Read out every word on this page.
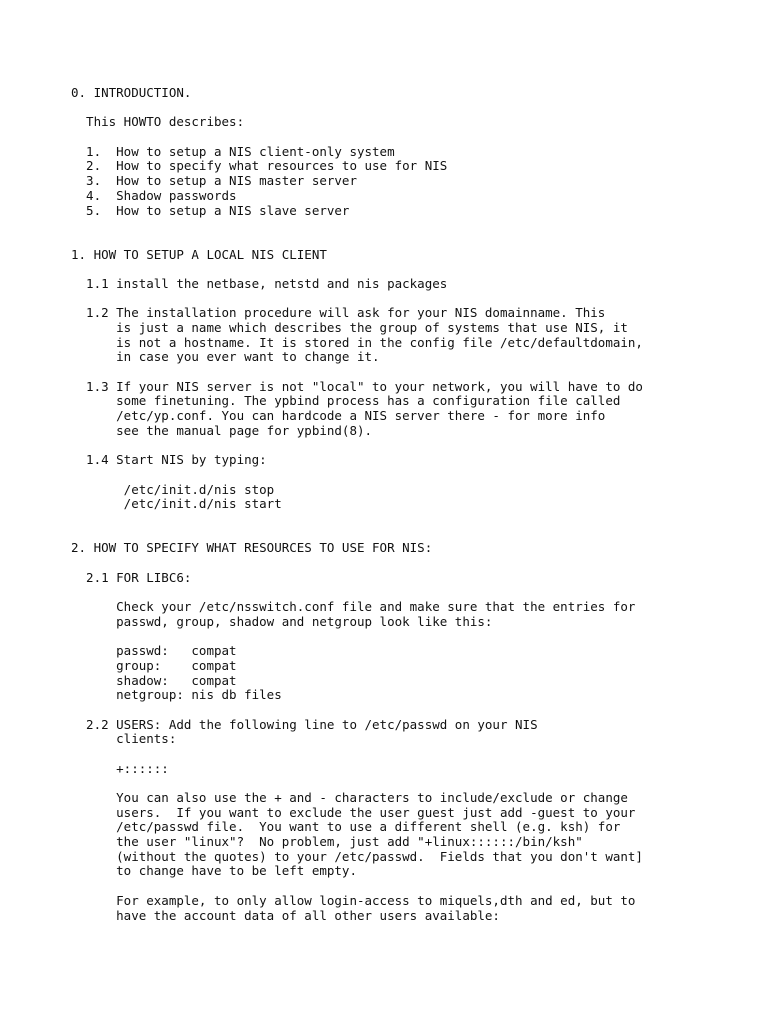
0. INTRODUCTION.
This HOWTO describes:
1.  How to setup a NIS client-only system
2.  How to specify what resources to use for NIS
3.  How to setup a NIS master server
4.  Shadow passwords
5.  How to setup a NIS slave server
1. HOW TO SETUP A LOCAL NIS CLIENT
1.1 install the netbase, netstd and nis packages
1.2 The installation procedure will ask for your NIS domainname. This
is just a name which describes the group of systems that use NIS, it
is not a hostname. It is stored in the config file /etc/defaultdomain,
in case you ever want to change it.
1.3 If your NIS server is not "local" to your network, you will have to do
some finetuning. The ypbind process has a configuration file called
/etc/yp.conf. You can hardcode a NIS server there - for more info
see the manual page for ypbind(8).
1.4 Start NIS by typing:
/etc/init.d/nis stop
/etc/init.d/nis start
2. HOW TO SPECIFY WHAT RESOURCES TO USE FOR NIS:
2.1 FOR LIBC6:
Check your /etc/nsswitch.conf file and make sure that the entries for
passwd, group, shadow and netgroup look like this:
passwd:   compat
group:    compat
shadow:   compat
netgroup: nis db files
2.2 USERS: Add the following line to /etc/passwd on your NIS
clients:
+::::::
You can also use the + and - characters to include/exclude or change
users.  If you want to exclude the user guest just add -guest to your
/etc/passwd file.  You want to use a different shell (e.g. ksh) for
the user "linux"?  No problem, just add "+linux::::::/bin/ksh"
(without the quotes) to your /etc/passwd.  Fields that you don't want]
to change have to be left empty.
For example, to only allow login-access to miquels,dth and ed, but to
have the account data of all other users available:
